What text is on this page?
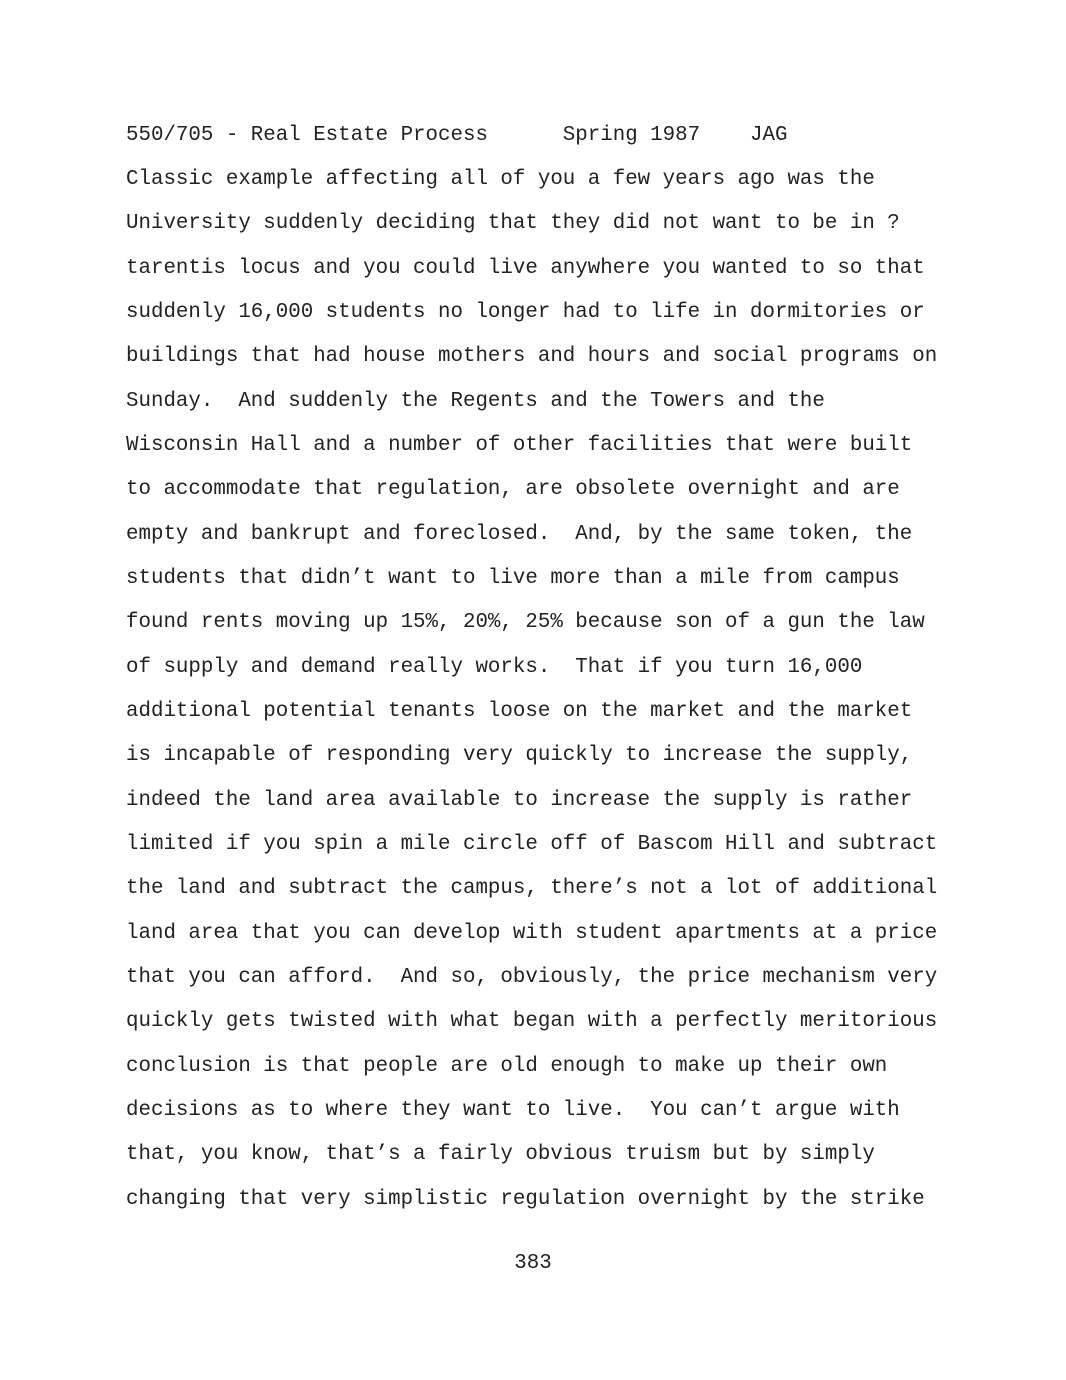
550/705 - Real Estate Process      Spring 1987    JAG
Classic example affecting all of you a few years ago was the
University suddenly deciding that they did not want to be in ?
tarentis locus and you could live anywhere you wanted to so that
suddenly 16,000 students no longer had to life in dormitories or
buildings that had house mothers and hours and social programs on
Sunday.  And suddenly the Regents and the Towers and the
Wisconsin Hall and a number of other facilities that were built
to accommodate that regulation, are obsolete overnight and are
empty and bankrupt and foreclosed.  And, by the same token, the
students that didn’t want to live more than a mile from campus
found rents moving up 15%, 20%, 25% because son of a gun the law
of supply and demand really works.  That if you turn 16,000
additional potential tenants loose on the market and the market
is incapable of responding very quickly to increase the supply,
indeed the land area available to increase the supply is rather
limited if you spin a mile circle off of Bascom Hill and subtract
the land and subtract the campus, there’s not a lot of additional
land area that you can develop with student apartments at a price
that you can afford.  And so, obviously, the price mechanism very
quickly gets twisted with what began with a perfectly meritorious
conclusion is that people are old enough to make up their own
decisions as to where they want to live.  You can’t argue with
that, you know, that’s a fairly obvious truism but by simply
changing that very simplistic regulation overnight by the strike
383
